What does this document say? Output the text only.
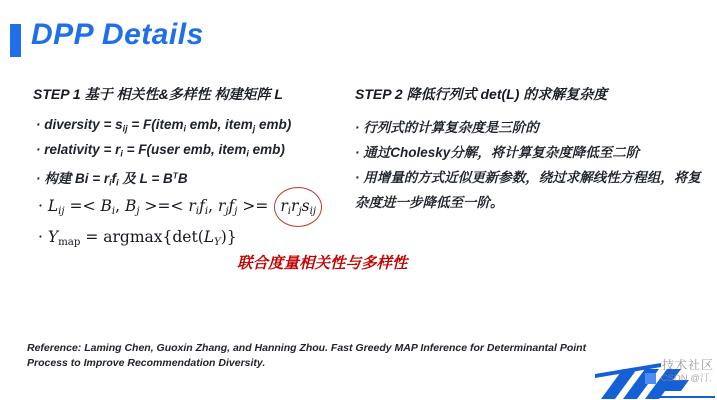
DPP Details
STEP 1 基于 相关性&多样性 构建矩阵 L
· diversity = $s_{ij}$ = F(item$_i$ emb, item$_j$ emb)
· relativity = $r_i$ = F(user emb, item$_i$ emb)
· 构建 $Bi = r_if_i$ 及 $L = B^TB$
· $L_{ij} =< B_i$, $B_j$ >=< $r_if_i$, $r_jf_j >= r_ir_js_{ij}$
· $Y_{map} = argmax\{\det(L_Y)\}$
联合度量相关性与多样性
STEP 2 降低行列式 det(L) 的求解复杂度
· 行列式的计算复杂度是三阶的
· 通过Cholesky分解，将计算复杂度降低至二阶
· 用增量的方式近似更新参数，绕过求解线性方程组，将复杂度进一步降低至一阶。
Reference: Laming Chen, Guoxin Zhang, and Hanning Zhou. Fast Greedy MAP Inference for Determinantal Point Process to Improve Recommendation Diversity.	技术社区
CSDN @汀.
